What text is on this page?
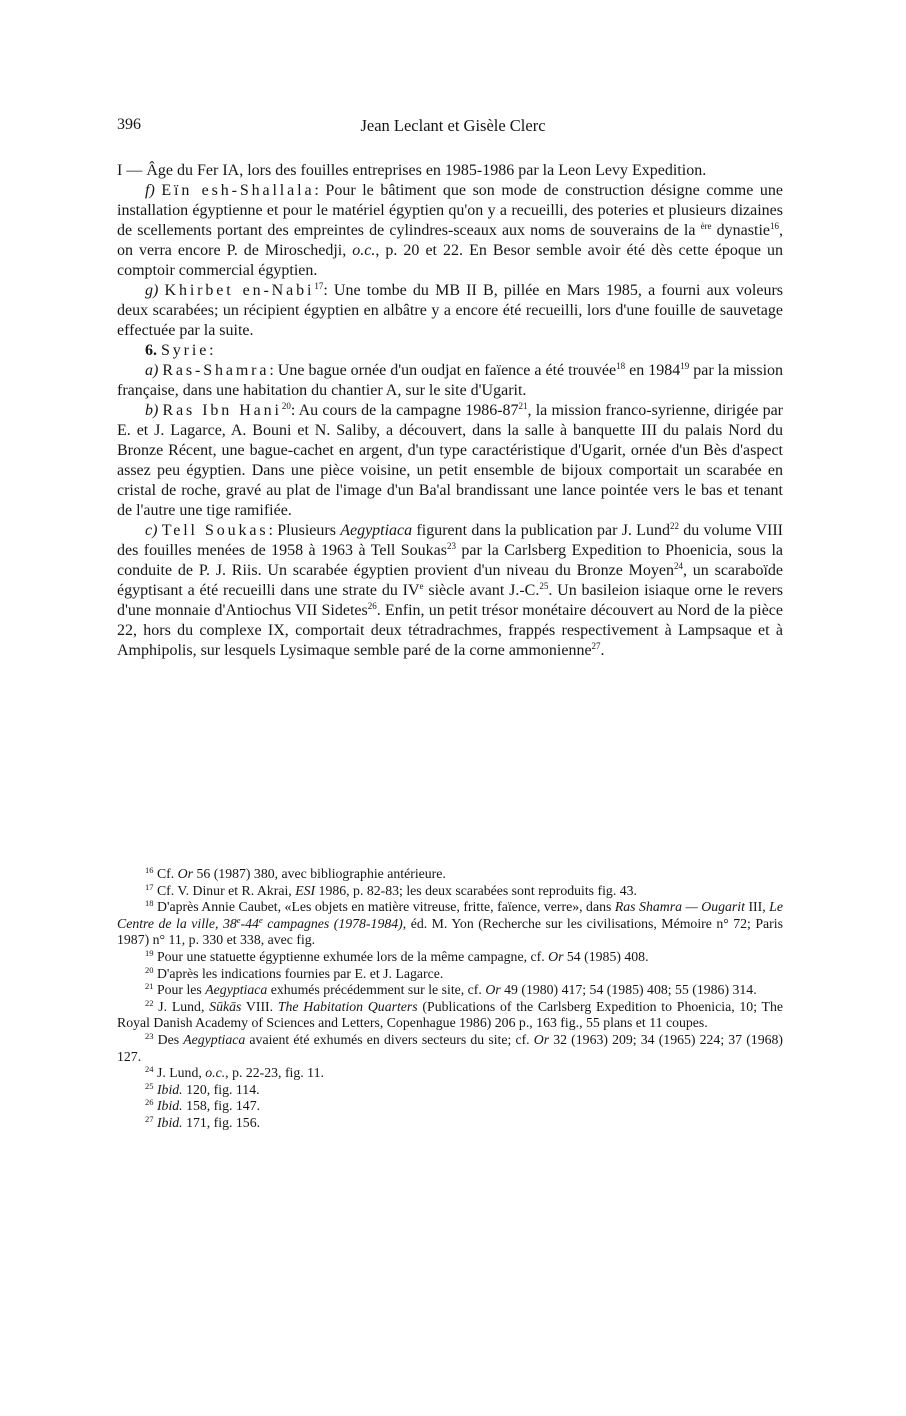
396	Jean Leclant et Gisèle Clerc

I — Âge du Fer IA, lors des fouilles entreprises en 1985-1986 par la Leon Levy Expedition.

f) Eïn esh-Shallala: Pour le bâtiment que son mode de construction désigne comme une installation égyptienne et pour le matériel égyptien qu'on y a recueilli, des poteries et plusieurs dizaines de scellements portant des empreintes de cylindres-sceaux aux noms de souverains de la $^{ère}$ dynastie$^{16}$, on verra encore P. de Miroschedji, o.c., p. 20 et 22. En Besor semble avoir été dès cette époque un comptoir commercial égyptien.

g) Khirbet en-Nabi$^{17}$: Une tombe du MB II B, pillée en Mars 1985, a fourni aux voleurs deux scarabées; un récipient égyptien en albâtre y a encore été recueilli, lors d'une fouille de sauvetage effectuée par la suite.

6. Syrie:

a) Ras-Shamra: Une bague ornée d'un oudjat en faïence a été trouvée$^{18}$ en 1984$^{19}$ par la mission française, dans une habitation du chantier A, sur le site d'Ugarit.

b) Ras Ibn Hani$^{20}$: Au cours de la campagne $1986-87^{21}$, la mission franco-syrienne, dirigée par E. et J. Lagarce, A. Bouni et N. Saliby, a découvert, dans la salle à banquette III du palais Nord du Bronze Récent, une bague-cachet en argent, d'un type caractéristique d'Ugarit, ornée d'un Bès d'aspect assez peu égyptien. Dans une pièce voisine, un petit ensemble de bijoux comportait un scarabée en cristal de roche, gravé au plat de l'image d'un Ba'al brandissant une lance pointée vers le bas et tenant de l'autre une tige ramifiée.

c) Tell Soukas: Plusieurs Aegyptiaca figurent dans la publication par J. Lund$^{22}$ du volume VIII des fouilles menées de 1958 à 1963 à Tell Soukas$^{23}$ par la Carlsberg Expedition to Phoenicia, sous la conduite de P. J. Riis. Un scarabée égyptien provient d'un niveau du Bronze Moyen$^{24}$, un scaraboïde égyptisant a été recueilli dans une strate du IVe siècle avant J.-C.$^{25}$. Un basileion isiaque orne le revers d'une monnaie d'Antiochus VII Sidetes$^{26}$. Enfin, un petit trésor monétaire découvert au Nord de la pièce 22, hors du complexe IX, comportait deux tétradrachmes, frappés respectivement à Lampsaque et à Amphipolis, sur lesquels Lysimaque semble paré de la corne ammonienne$^{27}$.

$^{16}$ Cf. Or 56 (1987) 380, avec bibliographie antérieure.

$^{17}$ Cf. V. Dinur et R. Akrai, ESI 1986, p. 82-83; les deux scarabées sont reproduits fig. 43.

$^{18}$ D'après Annie Caubet, «Les objets en matière vitreuse, fritte, faïence, verre», dans Ras Shamra — Ougarit III, Le Centre de la ville, 38e-44e campagnes (1978-1984), éd. M. Yon (Recherche sur les civilisations, Mémoire n° 72; Paris 1987) n° 11, p. 330 et 338, avec fig.

$^{19}$ Pour une statuette égyptienne exhumée lors de la même campagne, cf. Or 54 (1985) 408.

$^{20}$ D'après les indications fournies par E. et J. Lagarce.

$^{21}$ Pour les Aegyptiaca exhumés précédemment sur le site, cf. Or 49 (1980) 417; 54 (1985) 408; 55 (1986) 314.

$^{22}$ J. Lund, Sūkās VIII. The Habitation Quarters (Publications of the Carlsberg Expedition to Phoenicia, 10; The Royal Danish Academy of Sciences and Letters, Copenhague 1986) 206 p., 163 fig., 55 plans et 11 coupes.

$^{23}$ Des Aegyptiaca avaient été exhumés en divers secteurs du site; cf. Or 32 (1963) 209; 34 (1965) 224; 37 (1968) 127.

$^{24}$ J. Lund, o.c., p. 22-23, fig. 11.

$^{25}$ Ibid. 120, fig. 114.

$^{26}$ Ibid. 158, fig. 147.

$^{27}$ Ibid. 171, fig. 156.
